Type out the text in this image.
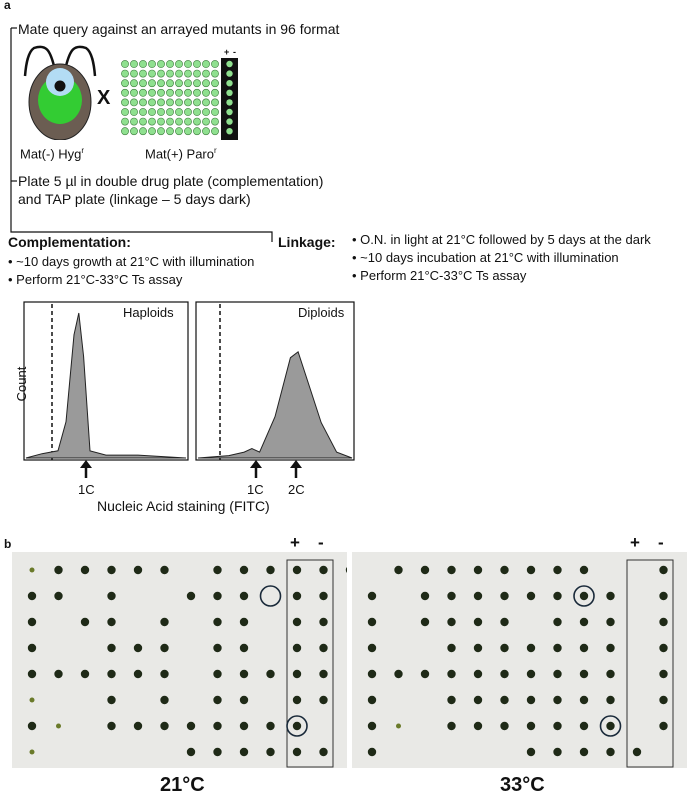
a
Mate query against an arrayed mutants in 96 format
X
+ -
Mat(-) Hyg$^r$	Mat(+) Paro$^r$
Plate 5 µl in double drug plate (complementation)
and TAP plate (linkage – 5 days dark)
Complementation:
• ~10 days growth at 21°C with illumination
• Perform 21°C-33°C Ts assay
Linkage: • O.N. in light at 21°C followed by 5 days at the dark
• ~10 days incubation at 21°C with illumination
• Perform 21°C-33°C Ts assay
Haploids	Diploids
Count
1C	1C 2C
Nucleic Acid staining (FITC)
b	+ -	+ -
21°C	33°C
